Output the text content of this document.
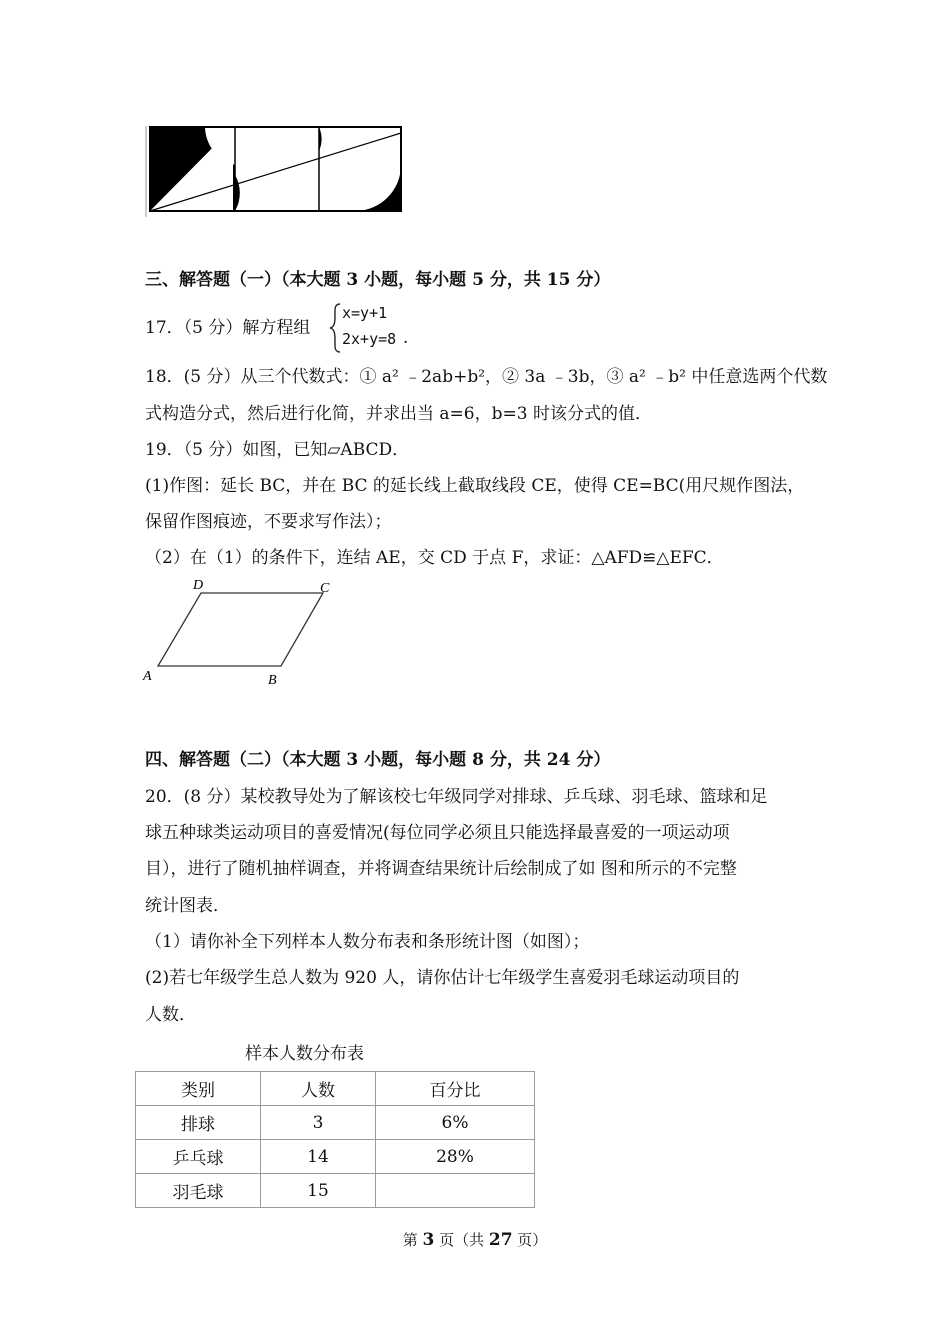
三、解答题（一）（本大题 3 小题，每小题 5 分，共 15 分）
17．（5 分）解方程组
x=y+1
2x+y=8 .
18．(5 分）从三个代数式：① a² ﹣2ab+b²，② 3a ﹣3b，③ a² ﹣b² 中任意选两个代数
式构造分式，然后进行化简，并求出当 a=6，b=3 时该分式的值．
19．（5 分）如图，已知▱ABCD．
(1)作图：延长 BC，并在 BC 的延长线上截取线段 CE，使得 CE=BC(用尺规作图法，
保留作图痕迹，不要求写作法）；
（2）在（1）的条件下，连结 AE，交 CD 于点 F，求证：△AFD≌△EFC．
D	C
A	B
四、解答题（二）（本大题 3 小题，每小题 8 分，共 24 分）
20．(8 分）某校教导处为了解该校七年级同学对排球、乒乓球、羽毛球、篮球和足
球五种球类运动项目的喜爱情况(每位同学必须且只能选择最喜爱的一项运动项
目），进行了随机抽样调查，并将调查结果统计后绘制成了如 图和所示的不完整
统计图表．
（1）请你补全下列样本人数分布表和条形统计图（如图）；
(2)若七年级学生总人数为 920 人，请你估计七年级学生喜爱羽毛球运动项目的
人数．
样本人数分布表
类别	人数	百分比
排球	3	6%
乒乓球	14	28%
羽毛球	15	
第 3 页（共 27 页）
